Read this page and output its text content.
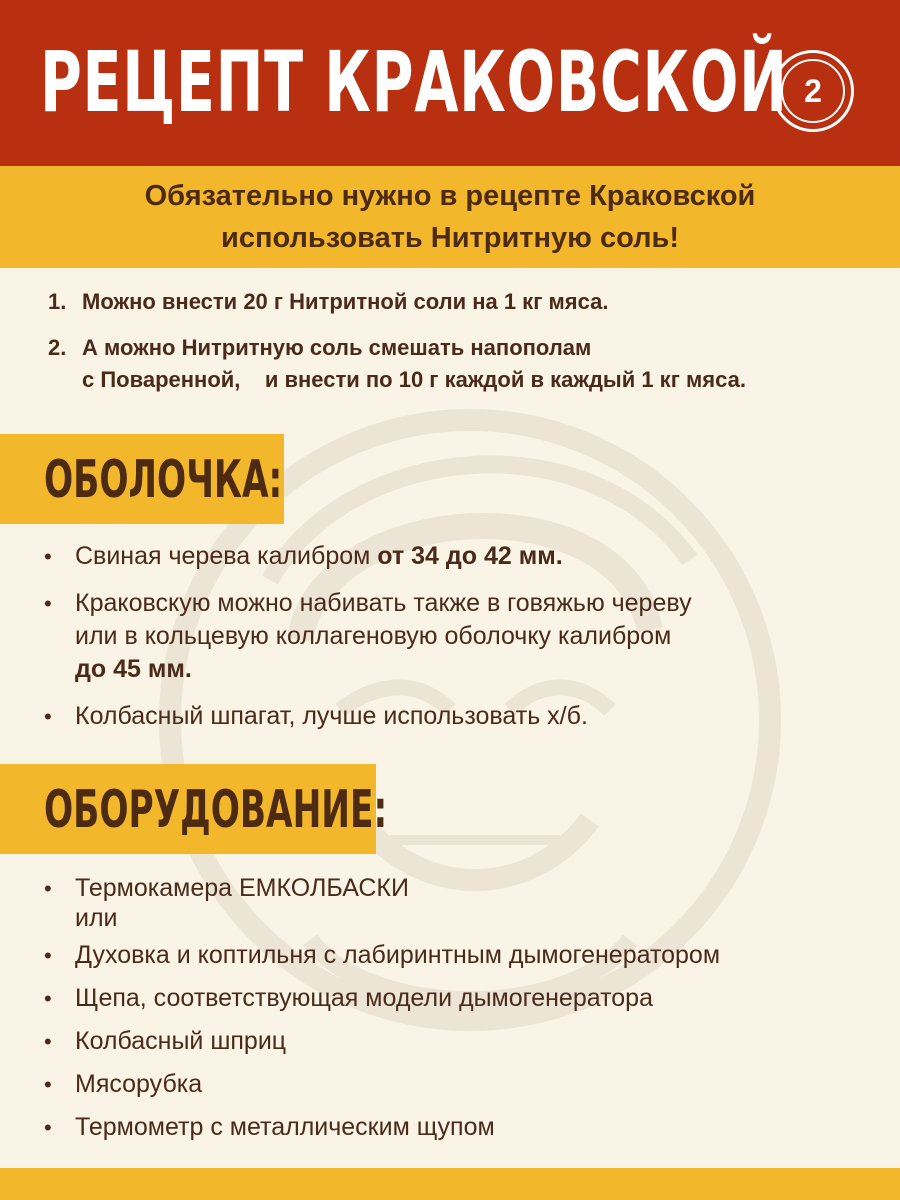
РЕЦЕПТ КРАКОВСКОЙ 2
Обязательно нужно в рецепте Краковской использовать Нитритную соль!
1. Можно внести 20 г Нитритной соли на 1 кг мяса.
2. А можно Нитритную соль смешать напополам
с Поваренной,    и внести по 10 г каждой в каждый 1 кг мяса.
ОБОЛОЧКА:
• Свиная черева калибром от 34 до 42 мм.
• Краковскую можно набивать также в говяжью череву
или в кольцевую коллагеновую оболочку калибром
до 45 мм.
• Колбасный шпагат, лучше использовать х/б.
ОБОРУДОВАНИЕ:
• Термокамера ЕМКОЛБАСКИ
или
• Духовка и коптильня с лабиринтным дымогенератором
• Щепа, соответствующая модели дымогенератора
• Колбасный шприц
• Мясорубка
• Термометр с металлическим щупом
